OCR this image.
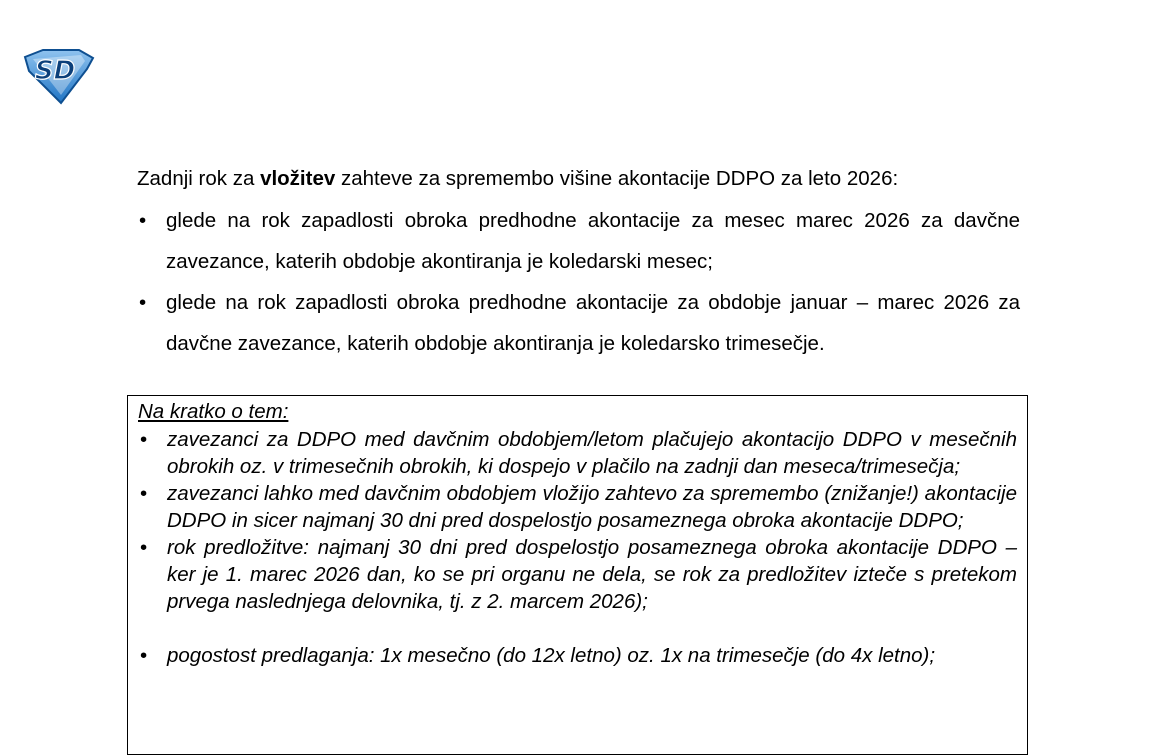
SD

Zadnji rok za vložitev zahteve za spremembo višine akontacije DDPO za leto 2026:

• glede na rok zapadlosti obroka predhodne akontacije za mesec marec 2026 za davčne zavezance, katerih obdobje akontiranja je koledarski mesec;
• glede na rok zapadlosti obroka predhodne akontacije za obdobje januar – marec 2026 za davčne zavezance, katerih obdobje akontiranja je koledarsko trimesečje.

Na kratko o tem:

• zavezanci za DDPO med davčnim obdobjem/letom plačujejo akontacijo DDPO v mesečnih obrokih oz. v trimesečnih obrokih, ki dospejo v plačilo na zadnji dan meseca/trimesečja;
• zavezanci lahko med davčnim obdobjem vložijo zahtevo za spremembo (znižanje!) akontacije DDPO in sicer najmanj 30 dni pred dospelostjo posameznega obroka akontacije DDPO;
• rok predložitve: najmanj 30 dni pred dospelostjo posameznega obroka akontacije DDPO – ker je 1. marec 2026 dan, ko se pri organu ne dela, se rok za predložitev izteče s pretekom prvega naslednjega delovnika, tj. z 2. marcem 2026);
• pogostost predlaganja: 1x mesečno (do 12x letno) oz. 1x na trimesečje (do 4x letno);
